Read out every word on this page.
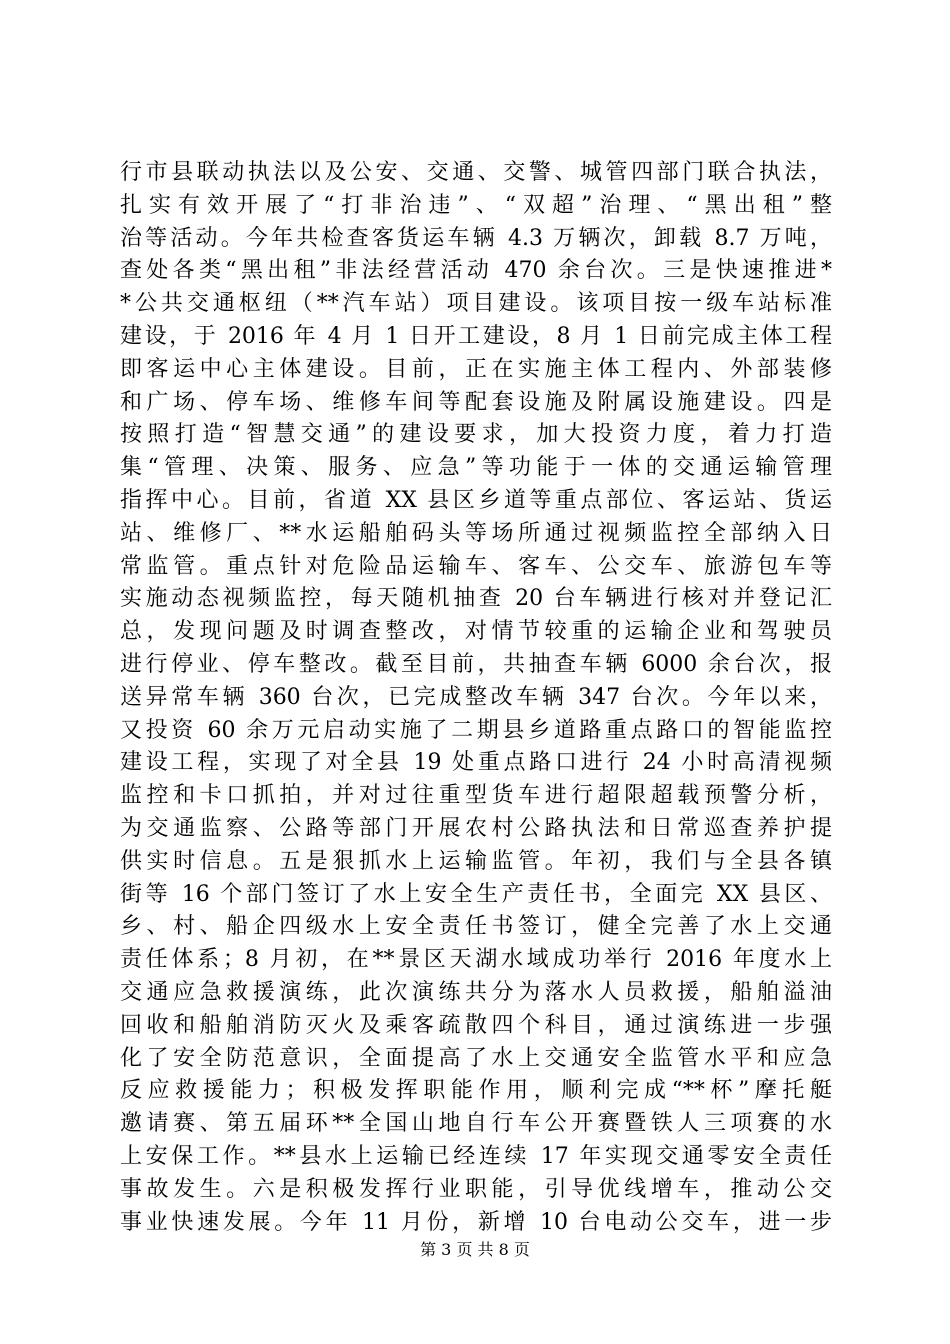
行市县联动执法以及公安、交通、交警、城管四部门联合执法，
扎实有效开展了“打非治违”、“双超”治理、“黑出租”整
治等活动。今年共检查客货运车辆 4.3 万辆次，卸载 8.7 万吨，
查处各类“黑出租”非法经营活动 470 余台次。三是快速推进*
*公共交通枢纽（**汽车站）项目建设。该项目按一级车站标准
建设，于 2016 年 4 月 1 日开工建设，8 月 1 日前完成主体工程
即客运中心主体建设。目前，正在实施主体工程内、外部装修
和广场、停车场、维修车间等配套设施及附属设施建设。四是
按照打造“智慧交通”的建设要求，加大投资力度，着力打造
集“管理、决策、服务、应急”等功能于一体的交通运输管理
指挥中心。目前，省道 XX 县区乡道等重点部位、客运站、货运
站、维修厂、**水运船舶码头等场所通过视频监控全部纳入日
常监管。重点针对危险品运输车、客车、公交车、旅游包车等
实施动态视频监控，每天随机抽查 20 台车辆进行核对并登记汇
总，发现问题及时调查整改，对情节较重的运输企业和驾驶员
进行停业、停车整改。截至目前，共抽查车辆 6000 余台次，报
送异常车辆 360 台次，已完成整改车辆 347 台次。今年以来，
又投资 60 余万元启动实施了二期县乡道路重点路口的智能监控
建设工程，实现了对全县 19 处重点路口进行 24 小时高清视频
监控和卡口抓拍，并对过往重型货车进行超限超载预警分析，
为交通监察、公路等部门开展农村公路执法和日常巡查养护提
供实时信息。五是狠抓水上运输监管。年初，我们与全县各镇
街等 16 个部门签订了水上安全生产责任书，全面完 XX 县区、
乡、村、船企四级水上安全责任书签订，健全完善了水上交通
责任体系；8 月初，在**景区天湖水域成功举行 2016 年度水上
交通应急救援演练，此次演练共分为落水人员救援，船舶溢油
回收和船舶消防灭火及乘客疏散四个科目，通过演练进一步强
化了安全防范意识，全面提高了水上交通安全监管水平和应急
反应救援能力；积极发挥职能作用，顺利完成“**杯”摩托艇
邀请赛、第五届环**全国山地自行车公开赛暨铁人三项赛的水
上安保工作。**县水上运输已经连续 17 年实现交通零安全责任
事故发生。六是积极发挥行业职能，引导优线增车，推动公交
事业快速发展。今年 11 月份，新增 10 台电动公交车，进一步
第 3 页 共 8 页
